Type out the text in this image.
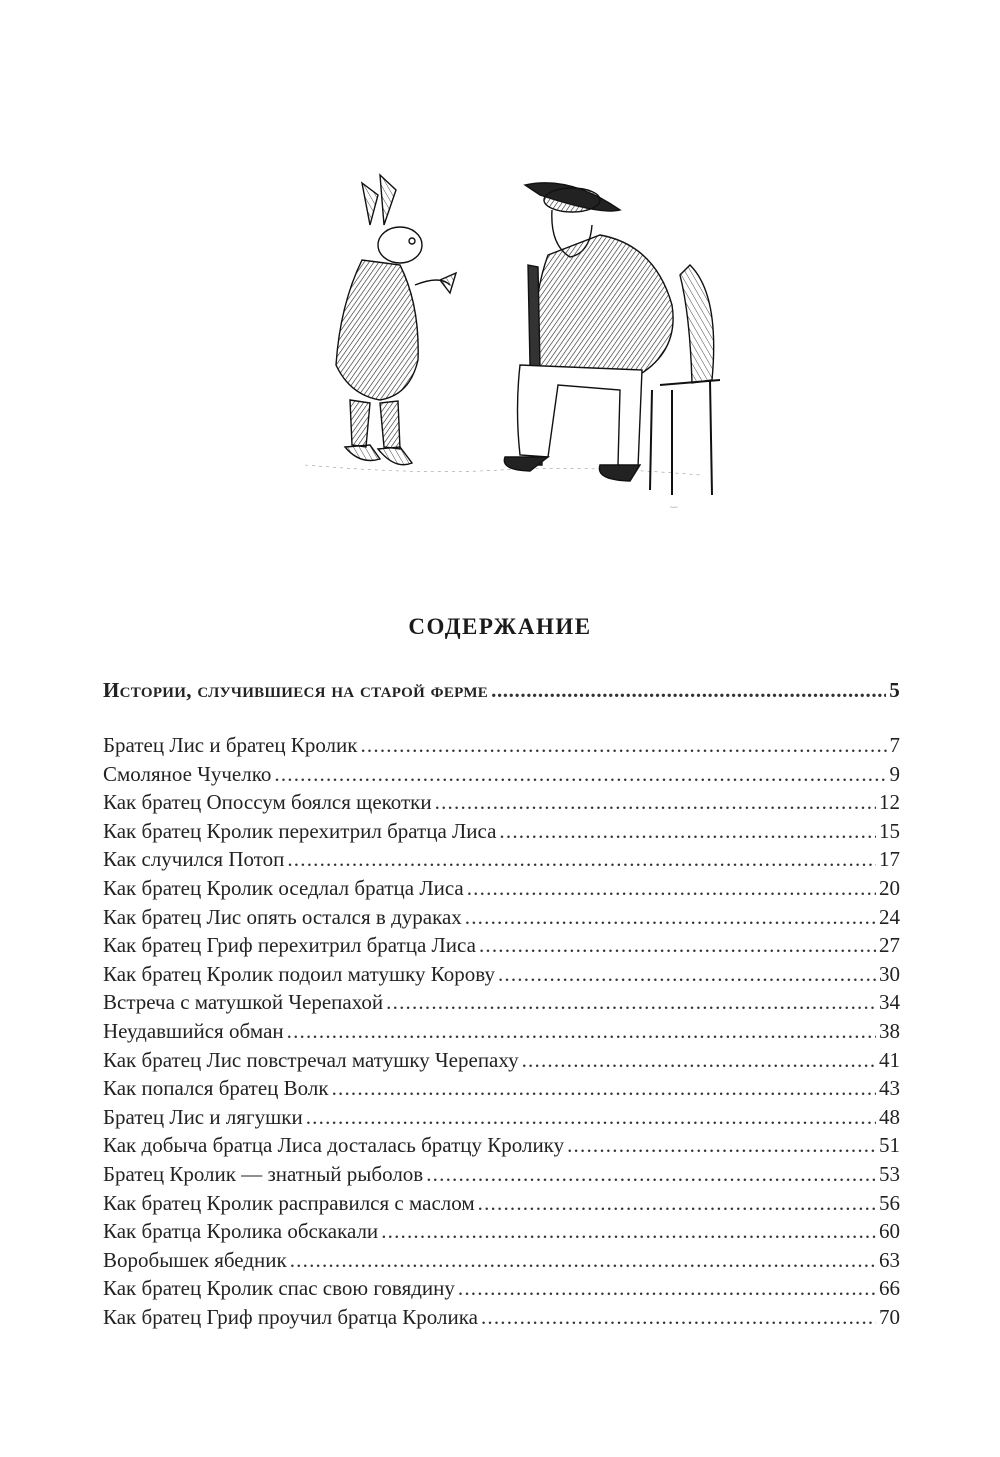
~~
СОДЕРЖАНИЕ
Истории, случившиеся на старой ферме .....	5
Братец Лис и братец Кролик .....	7
Смоляное Чучелко .....	9
Как братец Опоссум боялся щекотки .....	12
Как братец Кролик перехитрил братца Лиса .....	15
Как случился Потоп .....	17
Как братец Кролик оседлал братца Лиса .....	20
Как братец Лис опять остался в дураках .....	24
Как братец Гриф перехитрил братца Лиса .....	27
Как братец Кролик подоил матушку Корову .....	30
Встреча с матушкой Черепахой .....	34
Неудавшийся обман .....	38
Как братец Лис повстречал матушку Черепаху .....	41
Как попался братец Волк .....	43
Братец Лис и лягушки .....	48
Как добыча братца Лиса досталась братцу Кролику .....	51
Братец Кролик — знатный рыболов .....	53
Как братец Кролик расправился с маслом .....	56
Как братца Кролика обскакали .....	60
Воробышек ябедник .....	63
Как братец Кролик спас свою говядину .....	66
Как братец Гриф проучил братца Кролика .....	70
